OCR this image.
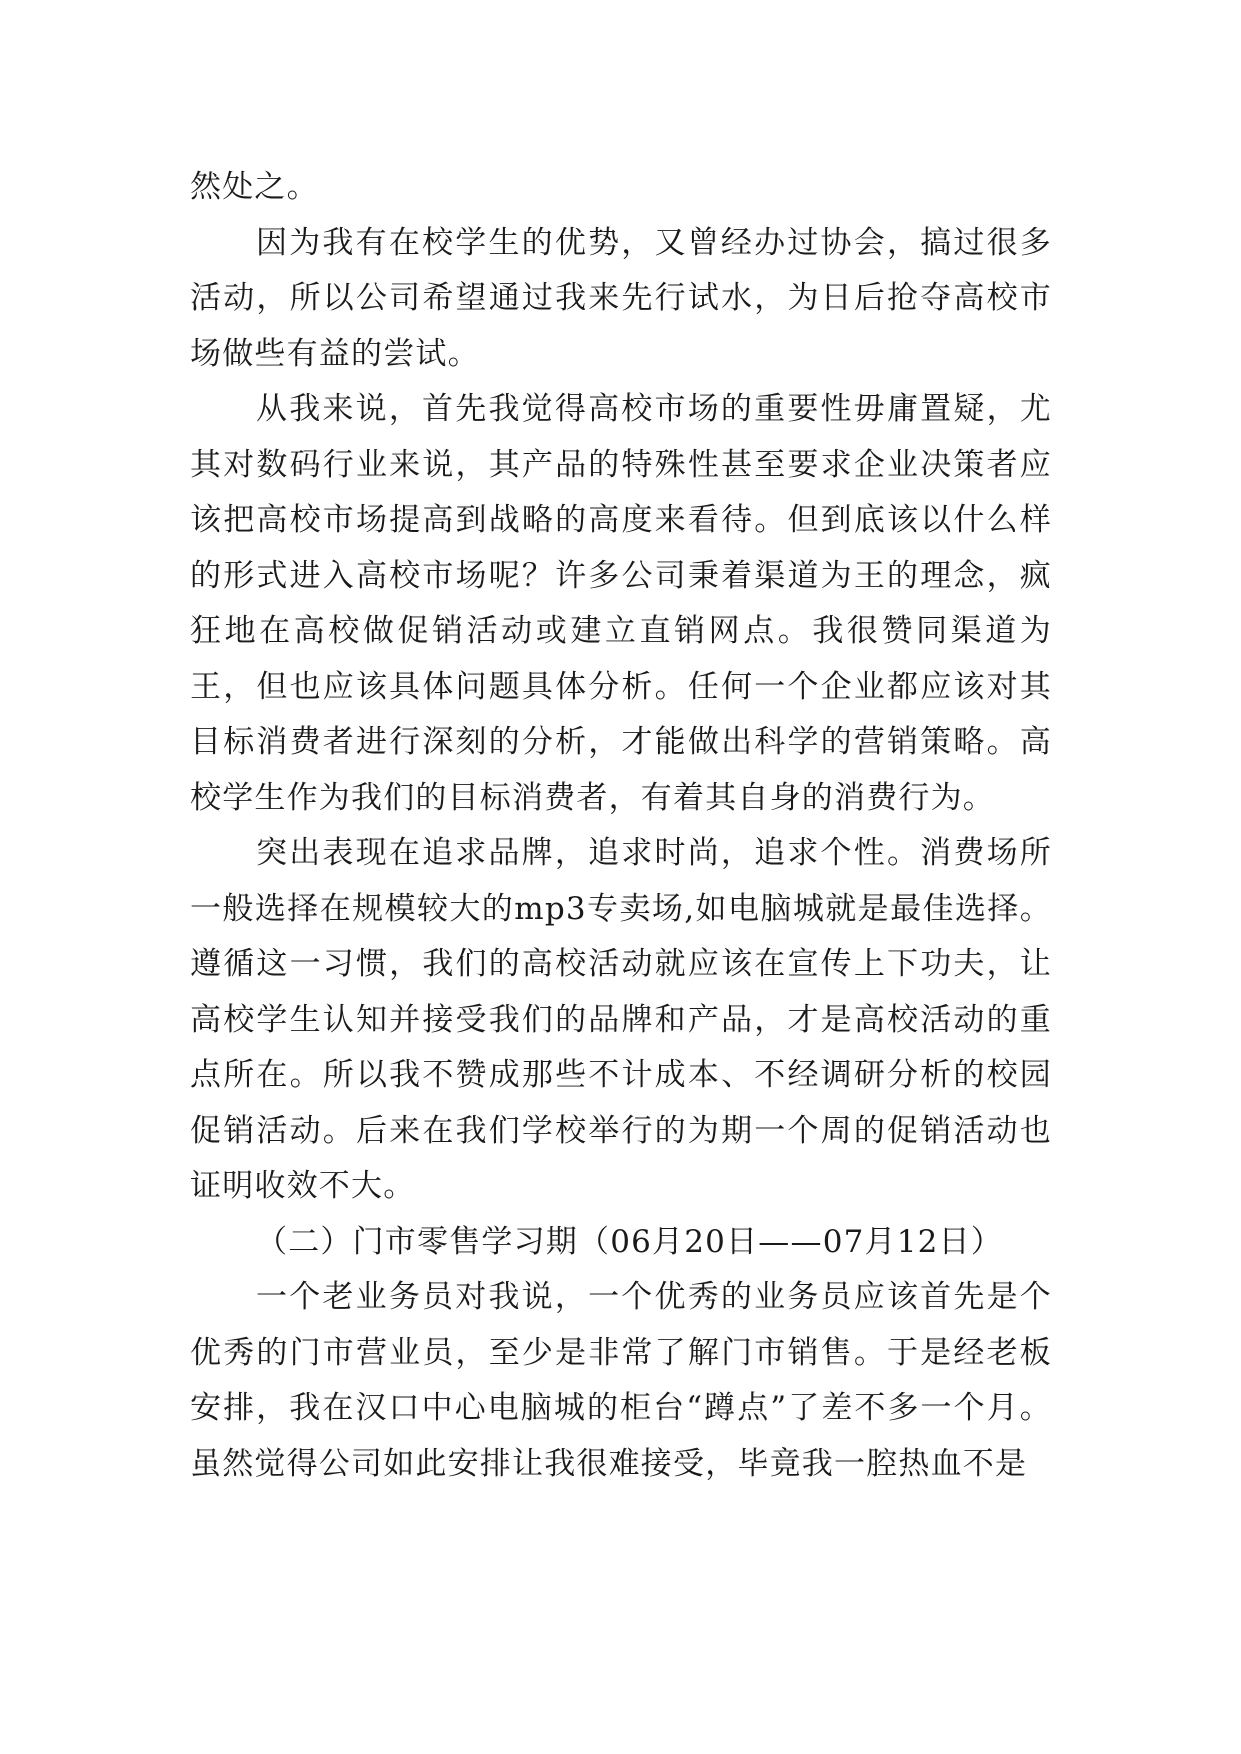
然处之。

因为我有在校学生的优势，又曾经办过协会，搞过很多活动，所以公司希望通过我来先行试水，为日后抢夺高校市场做些有益的尝试。

从我来说，首先我觉得高校市场的重要性毋庸置疑，尤其对数码行业来说，其产品的特殊性甚至要求企业决策者应该把高校市场提高到战略的高度来看待。但到底该以什么样的形式进入高校市场呢？许多公司秉着渠道为王的理念，疯狂地在高校做促销活动或建立直销网点。我很赞同渠道为王，但也应该具体问题具体分析。任何一个企业都应该对其目标消费者进行深刻的分析，才能做出科学的营销策略。高校学生作为我们的目标消费者，有着其自身的消费行为。

突出表现在追求品牌，追求时尚，追求个性。消费场所一般选择在规模较大的mp3专卖场,如电脑城就是最佳选择。遵循这一习惯，我们的高校活动就应该在宣传上下功夫，让高校学生认知并接受我们的品牌和产品，才是高校活动的重点所在。所以我不赞成那些不计成本、不经调研分析的校园促销活动。后来在我们学校举行的为期一个周的促销活动也证明收效不大。

（二）门市零售学习期（06月20日——07月12日）

一个老业务员对我说，一个优秀的业务员应该首先是个优秀的门市营业员，至少是非常了解门市销售。于是经老板安排，我在汉口中心电脑城的柜台“蹲点”了差不多一个月。虽然觉得公司如此安排让我很难接受，毕竟我一腔热血不是
